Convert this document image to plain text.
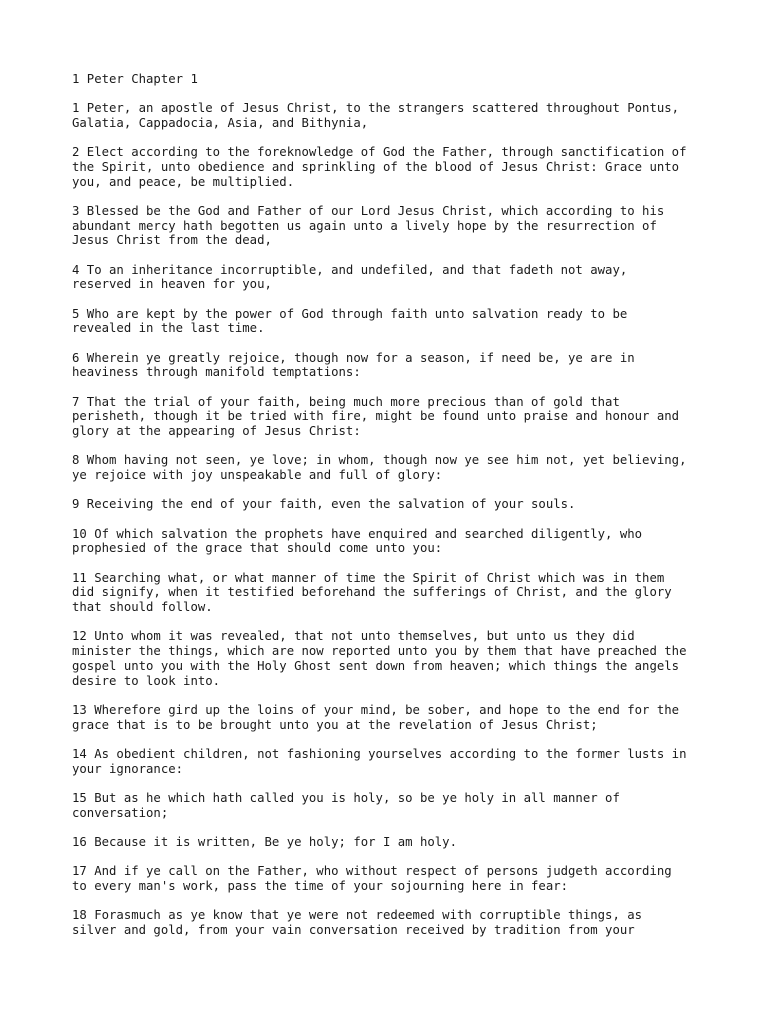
1 Peter Chapter 1
1 Peter, an apostle of Jesus Christ, to the strangers scattered throughout Pontus,
Galatia, Cappadocia, Asia, and Bithynia,
2 Elect according to the foreknowledge of God the Father, through sanctification of
the Spirit, unto obedience and sprinkling of the blood of Jesus Christ: Grace unto
you, and peace, be multiplied.
3 Blessed be the God and Father of our Lord Jesus Christ, which according to his
abundant mercy hath begotten us again unto a lively hope by the resurrection of
Jesus Christ from the dead,
4 To an inheritance incorruptible, and undefiled, and that fadeth not away,
reserved in heaven for you,
5 Who are kept by the power of God through faith unto salvation ready to be
revealed in the last time.
6 Wherein ye greatly rejoice, though now for a season, if need be, ye are in
heaviness through manifold temptations:
7 That the trial of your faith, being much more precious than of gold that
perisheth, though it be tried with fire, might be found unto praise and honour and
glory at the appearing of Jesus Christ:
8 Whom having not seen, ye love; in whom, though now ye see him not, yet believing,
ye rejoice with joy unspeakable and full of glory:
9 Receiving the end of your faith, even the salvation of your souls.
10 Of which salvation the prophets have enquired and searched diligently, who
prophesied of the grace that should come unto you:
11 Searching what, or what manner of time the Spirit of Christ which was in them
did signify, when it testified beforehand the sufferings of Christ, and the glory
that should follow.
12 Unto whom it was revealed, that not unto themselves, but unto us they did
minister the things, which are now reported unto you by them that have preached the
gospel unto you with the Holy Ghost sent down from heaven; which things the angels
desire to look into.
13 Wherefore gird up the loins of your mind, be sober, and hope to the end for the
grace that is to be brought unto you at the revelation of Jesus Christ;
14 As obedient children, not fashioning yourselves according to the former lusts in
your ignorance:
15 But as he which hath called you is holy, so be ye holy in all manner of
conversation;
16 Because it is written, Be ye holy; for I am holy.
17 And if ye call on the Father, who without respect of persons judgeth according
to every man's work, pass the time of your sojourning here in fear:
18 Forasmuch as ye know that ye were not redeemed with corruptible things, as
silver and gold, from your vain conversation received by tradition from your
